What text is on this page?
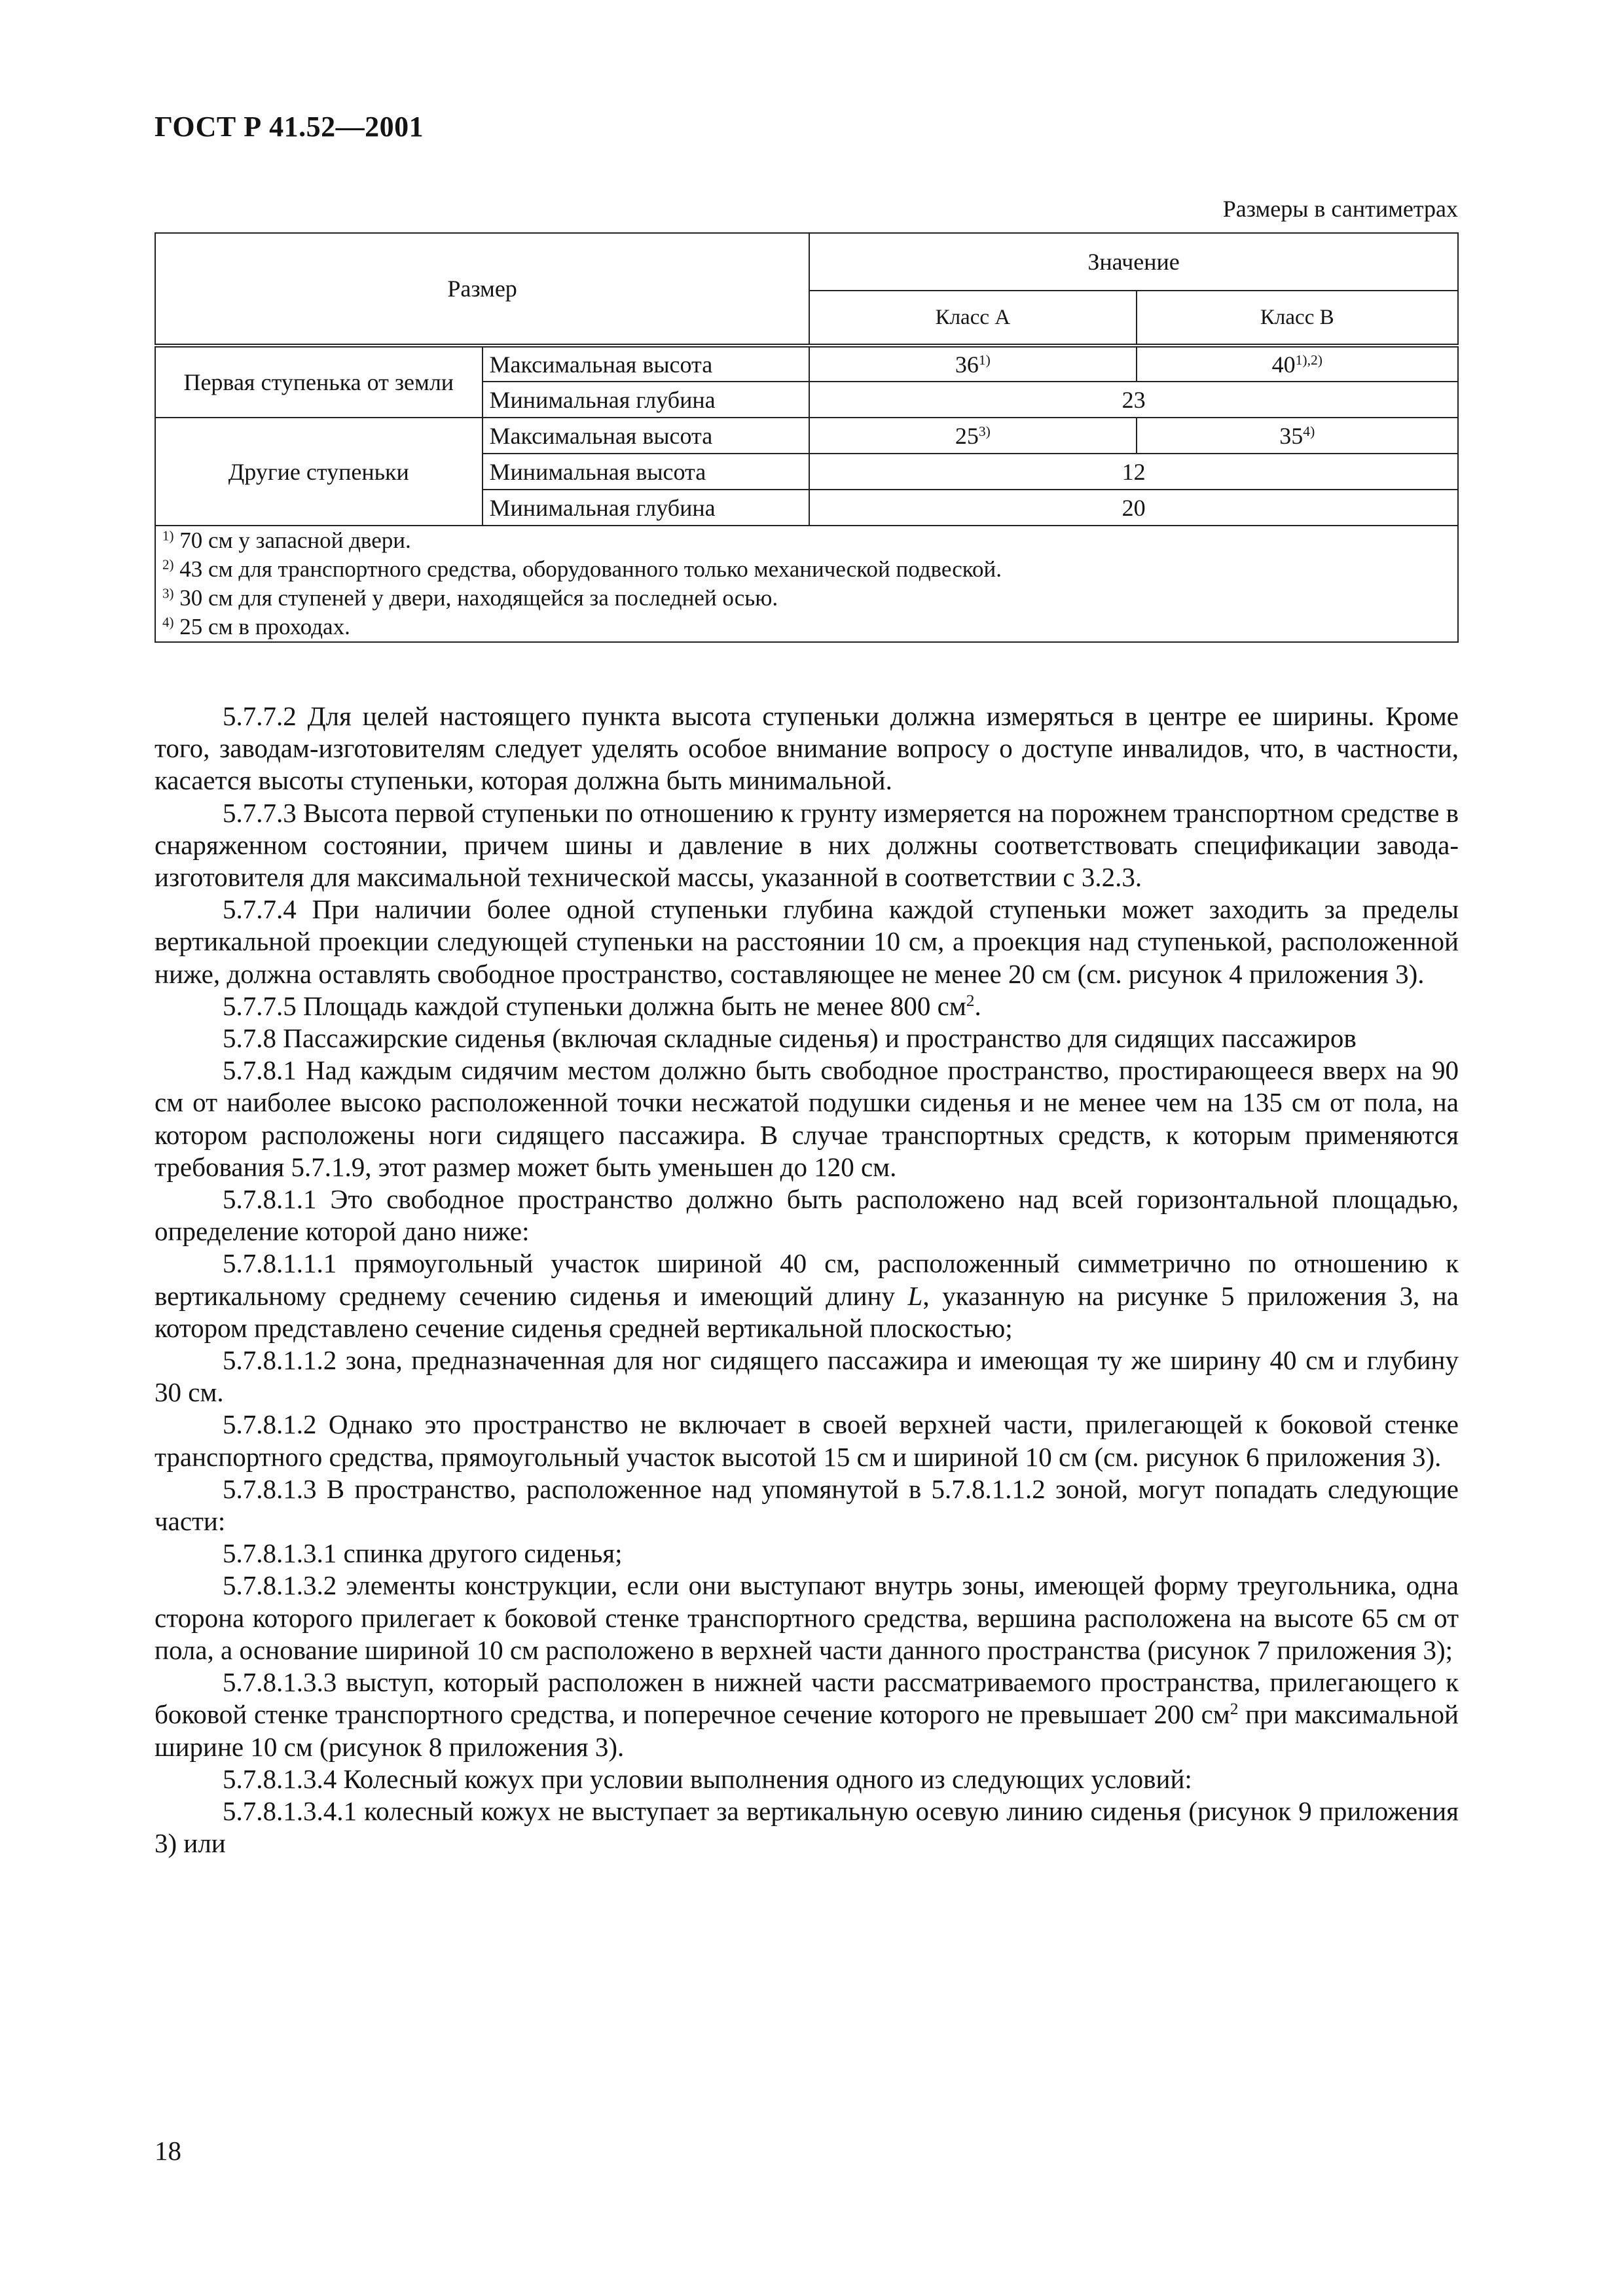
ГОСТ Р 41.52—2001
Размеры в сантиметрах
Размер		Значение	
		Класс А	Класс В
Первая ступенька от земли	Максимальная высота	36$^{1)}$	$40^{1),2)}$
	Минимальная глубина	23	
Другие ступеньки	Максимальная высота	25$^{3)}$	35$^{4)}$
	Минимальная высота	12	
	Минимальная глубина	20	

$^{1)}$ 70 см у запасной двери.
$^{2)}$ 43 см для транспортного средства, оборудованного только механической подвеской.
$^{3)}$ 30 см для ступеней у двери, находящейся за последней осью.
$^{4)}$ 25 см в проходах.			

5.7.7.2 Для целей настоящего пункта высота ступеньки должна измеряться в центре ее ширины. Кроме того, заводам-изготовителям следует уделять особое внимание вопросу о доступе инвалидов, что, в частности, касается высоты ступеньки, которая должна быть минимальной.

5.7.7.3 Высота первой ступеньки по отношению к грунту измеряется на порожнем транспортном средстве в снаряженном состоянии, причем шины и давление в них должны соответствовать спецификации завода-изготовителя для максимальной технической массы, указанной в соответствии с 3.2.3.

5.7.7.4 При наличии более одной ступеньки глубина каждой ступеньки может заходить за пределы вертикальной проекции следующей ступеньки на расстоянии 10 см, а проекция над ступенькой, расположенной ниже, должна оставлять свободное пространство, составляющее не менее 20 см (см. рисунок 4 приложения 3).

5.7.7.5 Площадь каждой ступеньки должна быть не менее 800 $см^2$.

5.7.8 Пассажирские сиденья (включая складные сиденья) и пространство для сидящих пассажиров

5.7.8.1 Над каждым сидячим местом должно быть свободное пространство, простирающееся вверх на 90 см от наиболее высоко расположенной точки несжатой подушки сиденья и не менее чем на 135 см от пола, на котором расположены ноги сидящего пассажира. В случае транспортных средств, к которым применяются требования 5.7.1.9, этот размер может быть уменьшен до 120 см.

5.7.8.1.1 Это свободное пространство должно быть расположено над всей горизонтальной площадью, определение которой дано ниже:

5.7.8.1.1.1 прямоугольный участок шириной 40 см, расположенный симметрично по отношению к вертикальному среднему сечению сиденья и имеющий длину L, указанную на рисунке 5 приложения 3, на котором представлено сечение сиденья средней вертикальной плоскостью;

5.7.8.1.1.2 зона, предназначенная для ног сидящего пассажира и имеющая ту же ширину 40 см и глубину 30 см.

5.7.8.1.2 Однако это пространство не включает в своей верхней части, прилегающей к боковой стенке транспортного средства, прямоугольный участок высотой 15 см и шириной 10 см (см. рисунок 6 приложения 3).

5.7.8.1.3 В пространство, расположенное над упомянутой в 5.7.8.1.1.2 зоной, могут попадать следующие части:

5.7.8.1.3.1 спинка другого сиденья;

5.7.8.1.3.2 элементы конструкции, если они выступают внутрь зоны, имеющей форму треугольника, одна сторона которого прилегает к боковой стенке транспортного средства, вершина расположена на высоте 65 см от пола, а основание шириной 10 см расположено в верхней части данного пространства (рисунок 7 приложения 3);

5.7.8.1.3.3 выступ, который расположен в нижней части рассматриваемого пространства, прилегающего к боковой стенке транспортного средства, и поперечное сечение которого не превышает 200 $см^2$ при максимальной ширине 10 см (рисунок 8 приложения 3).

5.7.8.1.3.4 Колесный кожух при условии выполнения одного из следующих условий:

5.7.8.1.3.4.1 колесный кожух не выступает за вертикальную осевую линию сиденья (рисунок 9 приложения 3) или

18
